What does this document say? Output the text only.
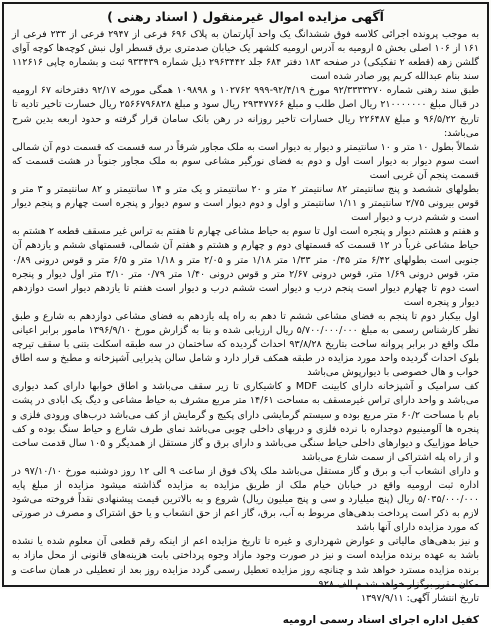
آگهی مزایده اموال غیرمنقول ( اسناد رهنی )

به موجب پرونده اجرائی کلاسه فوق ششدانگ یک واحد آپارتمان به پلاک ۶۹۶ فرعی از ۲۹۴۷ فرعی از ۲۳۳ فرعی از ۱۶۱ از ۱۰۶ اصلی بخش ۵ ارومیه به آدرس ارومیه کلشهر یک خیابان صدمتری برق قسطر اول نبش کوچه‌ها کوچه آوای گلشن زهه (قطعه ۲ تفکیکی) در صفحه ۱۸۳ دفتر ۶۸۴ جلد ۲۹۶۳۴۴۲ ذیل شماره ۹۳۳۴۳۹ ثبت و بشماره چاپی ۱۱۲۶۱۶ سند بنام عبدالله کریم پور صادر شده است

طبق سند رهنی شماره ۹۲/۳۳۳۳۲۷۰ مورخ ۹۲/۴/۱۹-۹۹۹ ۱۰۲۷۶۲ و ۱۰۹۸۹۸ همگی مورخه ۹۲/۱۷ دفترخانه ۶۷ ارومیه در قبال مبلغ ۲۱۰۰۰۰۰۰۰ ریال اصل طلب و مبلغ ۲۹۳۴۷۷۶۶ ریال سود و مبلغ ۲۵۶۶۷۹۶۸۲۸ ریال خسارت تاخیر تادیه تا تاریخ ۹۶/۵/۲۲ و مبلغ ۲۲۶۴۸۷ ریال خسارات تاخیر روزانه در رهن بانک سامان قرار گرفته و حدود اربعه بدین شرح می‌باشد:

شمالاً بطول ۱۰ متر و ۱۰ سانتیمتر و دیوار به دیوار است به ملک مجاور شرقاً در سه قسمت که قسمت دوم آن شمالی است سوم دیوار به دیوار است اول و دوم به فضای نورگیر مشاعی سوم به ملک مجاور جنوباً در هشت قسمت که قسمت پنجم آن غربی است

بطولهای ششصد و پنج سانتیمتر ۸۲ سانتیمتر ۲ متر و ۲۰ سانتیمتر و یک متر و ۱۴ سانتیمتر و ۸۲ سانتیمتر و ۳ متر و قوس بیرونی ۲/۷۵ سانتیمتر و ۱/۱۱ سانتیمتر و اول و دوم دیوار است و سوم دیوار و پنجره است چهارم و پنجم دیوار است و ششم درب و دیوار است

و هفتم و هشتم دیوار و پنجره است اول تا سوم به حیاط مشاعی چهارم تا هفتم به تراس غیر مسقف قطعه ۲ هشتم به حیاط مشاعی غرباً در ۱۲ قسمت که قسمتهای دوم و چهارم و هشتم و هفتم آن شمالی، قسمتهای ششم و یازدهم آن جنوبی است بطولهای ۶/۴۲ متر ۰/۴۵ متر ۱/۳۳ متر ۱/۱۸ متر و ۲/۰۵ متر و ۱/۱۸ متر و ۶/۵ متر و قوس درونی ۰/۸۹ متر، قوس درونی ۱/۶۹ متر، قوس درونی ۲/۶۷ متر و قوس درونی ۱/۴۰ متر ۰/۷۹ متر ۳/۱۰ متر اول دیوار و پنجره است دوم تا چهارم دیوار است پنجم درب و دیوار است ششم درب و دیوار است هفتم تا یازدهم دیوار است دوازدهم دیوار و پنجره است

اول بیکبار دوم تا پنجم به فضای مشاعی ششم تا دهم به راه پله یازدهم به فضای مشاعی دوازدهم به شارع و طبق نظر کارشناس رسمی به مبلغ ۵/۷۰۰/۰۰۰/۰۰۰ ریال ارزیابی شده و بنا به گزارش مورخ ۱۳۹۶/۹/۱۰ مامور برابر اعیانی ملک واقع در برابر پروانه ساخت بتاریخ ۹۳/۸/۲۸ احداث گردیده که ساختمان در سه طبقه اسکلت بتنی با سقف تیرچه بلوک احداث گردیده واحد مورد مزایده در طبقه همکف قرار دارد و شامل سالن پذیرایی آشپزخانه و مطبخ و سه اطاق خواب و هال خصوصی با دیوارپوش می‌باشد

کف سرامیک و آشپزخانه دارای کابینت MDF و کاشیکاری تا زیر سقف می‌باشد و اطاق خوابها دارای کمد دیواری می‌باشد و واحد دارای تراس غیرمسقف به مساحت ۱۴/۶۱ متر مربع مشرف به حیاط مشاعی و دیگ یک ابادی در پشت بام با مساحت ۶۰/۲ متر مربع بوده و سیستم گرمایشی دارای پکیج و گرمایش از کف می‌باشد درب‌های ورودی فلزی و پنجره ها آلومینیوم دوجداره با نرده فلزی و دربهای داخلی چوبی می‌باشد نمای طرف شارع و حیاط سنگ بوده و کف حیاط موزاییک و دیوارهای داخلی حیاط سنگی می‌باشد و دارای برق و گاز مستقل از همدیگر و ۱۰۵ سال قدمت ساخت و از راه پله اشتراکی از سمت شارع می‌باشد

و دارای انشعاب آب و برق و گاز مستقل می‌باشد ملک پلاک فوق از ساعت ۹ الی ۱۲ روز دوشنبه مورخ ۹۷/۱۰/۱۰ در اداره ثبت ارومیه واقع در خیابان خیام ملک از طریق مزایده به مزایده گذاشته میشود مزایده از مبلغ پایه ۵/۰۳۵/۰۰۰/۰۰۰ ریال (پنج میلیارد و سی و پنج میلیون ریال) شروع و به بالاترین قیمت پیشنهادی نقداً فروخته می‌شود لازم به ذکر است پرداخت بدهی‌های مربوط به آب، برق، گاز اعم از حق انشعاب و یا حق اشتراک و مصرف در صورتی که مورد مزایده دارای آنها باشد

و نیز بدهی‌های مالیاتی و عوارض شهرداری و غیره تا تاریخ مزایده اعم از اینکه رقم قطعی آن معلوم شده یا نشده باشد به عهده برنده مزایده است و نیز در صورت وجود مازاد وجوه پرداختی بابت هزینه‌های قانونی از محل مازاد به برنده مزایده مسترد خواهد شد و چنانچه روز مزایده تعطیل رسمی گردد مزایده روز بعد از تعطیلی در همان ساعت و مکان مقرر برگزار خواهد شد م الف ۹۲۸

تاریخ انتشار آگهی: ۱۳۹۷/۹/۱۱

کفیل اداره اجرای اسناد رسمی ارومیه
